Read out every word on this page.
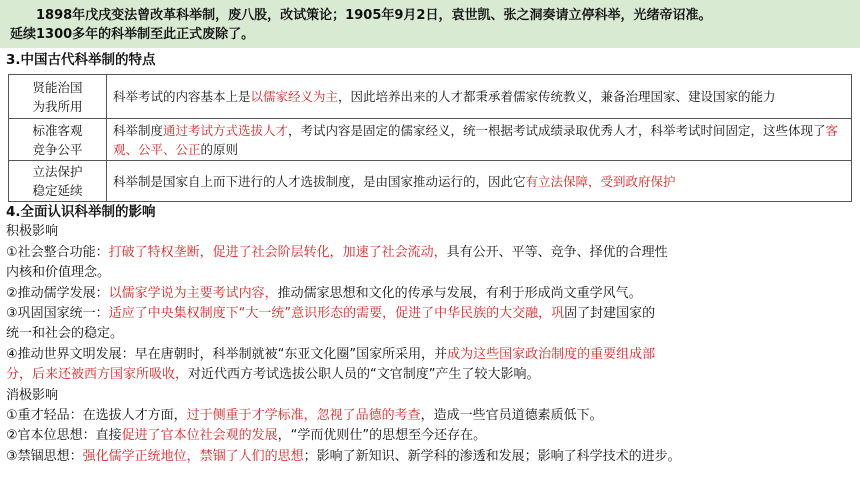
1898年戊戌变法曾改革科举制，废八股，改试策论；1905年9月2日，袁世凯、张之洞奏请立停科举，光绪帝诏准。
延续1300多年的科举制至此正式废除了。
3.中国古代科举制的特点
贤能治国
为我所用	科举考试的内容基本上是以儒家经义为主，因此培养出来的人才都秉承着儒家传统教义，兼备治理国家、建设国家的能力

标准客观
竞争公平	科举制度通过考试方式选拔人才，考试内容是固定的儒家经义，统一根据考试成绩录取优秀人才，科举考试时间固定，这些体现了客观、公平、公正的原则

立法保护
稳定延续	科举制是国家自上而下进行的人才选拔制度，是由国家推动运行的，因此它有立法保障，受到政府保护

4.全面认识科举制的影响

积极影响

①社会整合功能：打破了特权垄断，促进了社会阶层转化，加速了社会流动，具有公开、平等、竞争、择优的合理性

内核和价值理念。

②推动儒学发展：以儒家学说为主要考试内容，推动儒家思想和文化的传承与发展，有利于形成尚文重学风气。

③巩固国家统一：适应了中央集权制度下“大一统”意识形态的需要，促进了中华民族的大交融，巩固了封建国家的

统一和社会的稳定。

④推动世界文明发展：早在唐朝时，科举制就被“东亚文化圈”国家所采用，并成为这些国家政治制度的重要组成部

分，后来还被西方国家所吸收，对近代西方考试选拔公职人员的“文官制度”产生了较大影响。

消极影响

①重才轻品：在选拔人才方面，过于侧重于才学标准，忽视了品德的考查，造成一些官员道德素质低下。

②官本位思想：直接促进了官本位社会观的发展，“学而优则仕”的思想至今还存在。

③禁锢思想：强化儒学正统地位，禁锢了人们的思想；影响了新知识、新学科的渗透和发展；影响了科学技术的进步。
